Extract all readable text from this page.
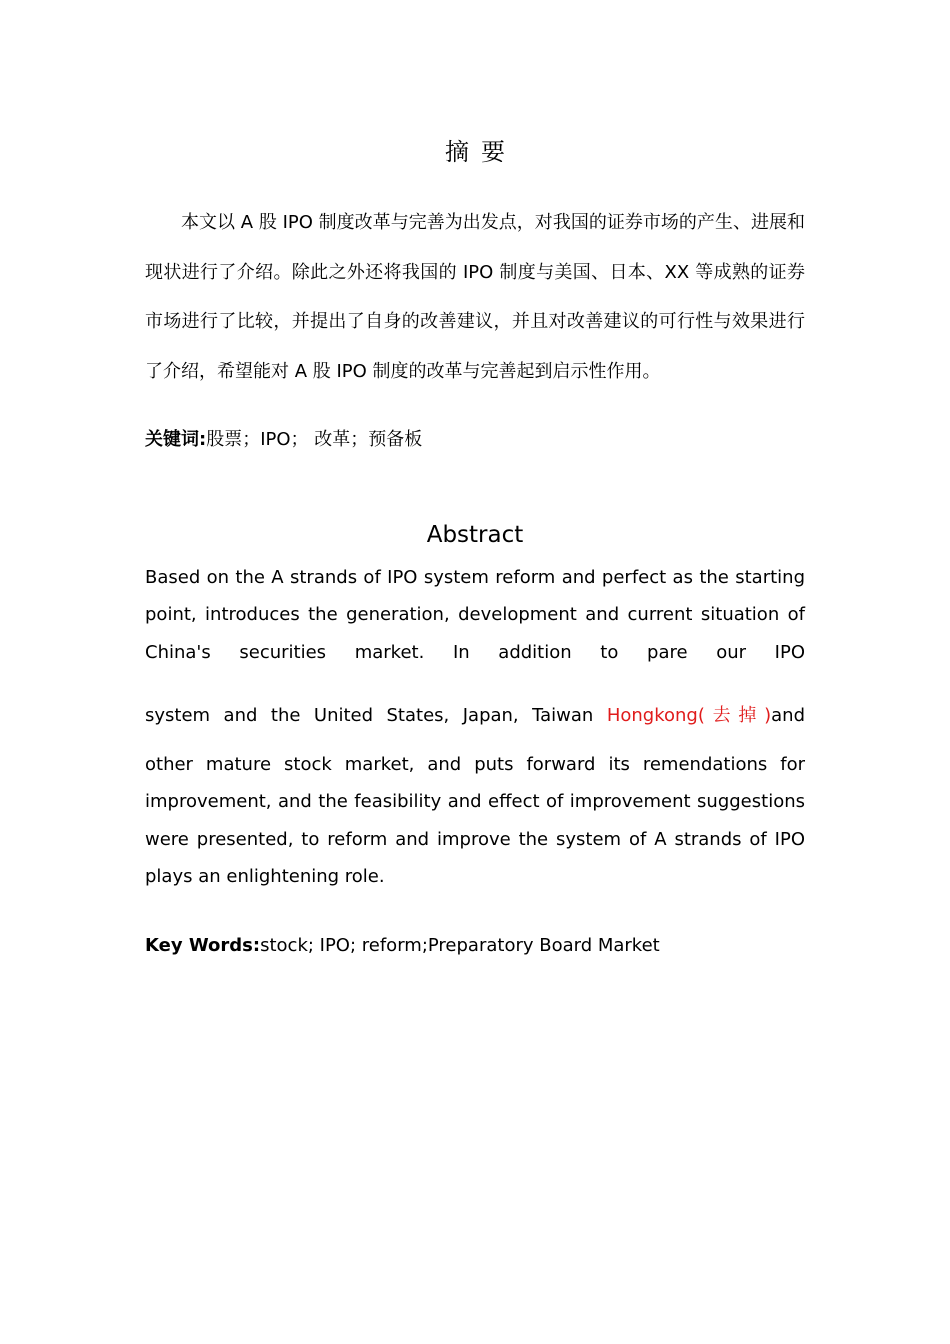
摘要

本文以 A 股 IPO 制度改革与完善为出发点，对我国的证券市场的产生、进展和现状进行了介绍。除此之外还将我国的 IPO 制度与美国、日本、XX 等成熟的证券市场进行了比较，并提出了自身的改善建议，并且对改善建议的可行性与效果进行了介绍，希望能对 A 股 IPO 制度的改革与完善起到启示性作用。

关键词:股票；IPO； 改革；预备板

Abstract

Based on the A strands of IPO system reform and perfect as the starting point, introduces the generation, development and current situation of China's securities market. In addition to pare our IPO

system and the United States, Japan, Taiwan Hongkong(去掉)and

other mature stock market, and puts forward its remendations for improvement, and the feasibility and effect of improvement suggestions were presented, to reform and improve the system of A strands of IPO plays an enlightening role.

Key Words:stock; IPO; reform;Preparatory Board Market
